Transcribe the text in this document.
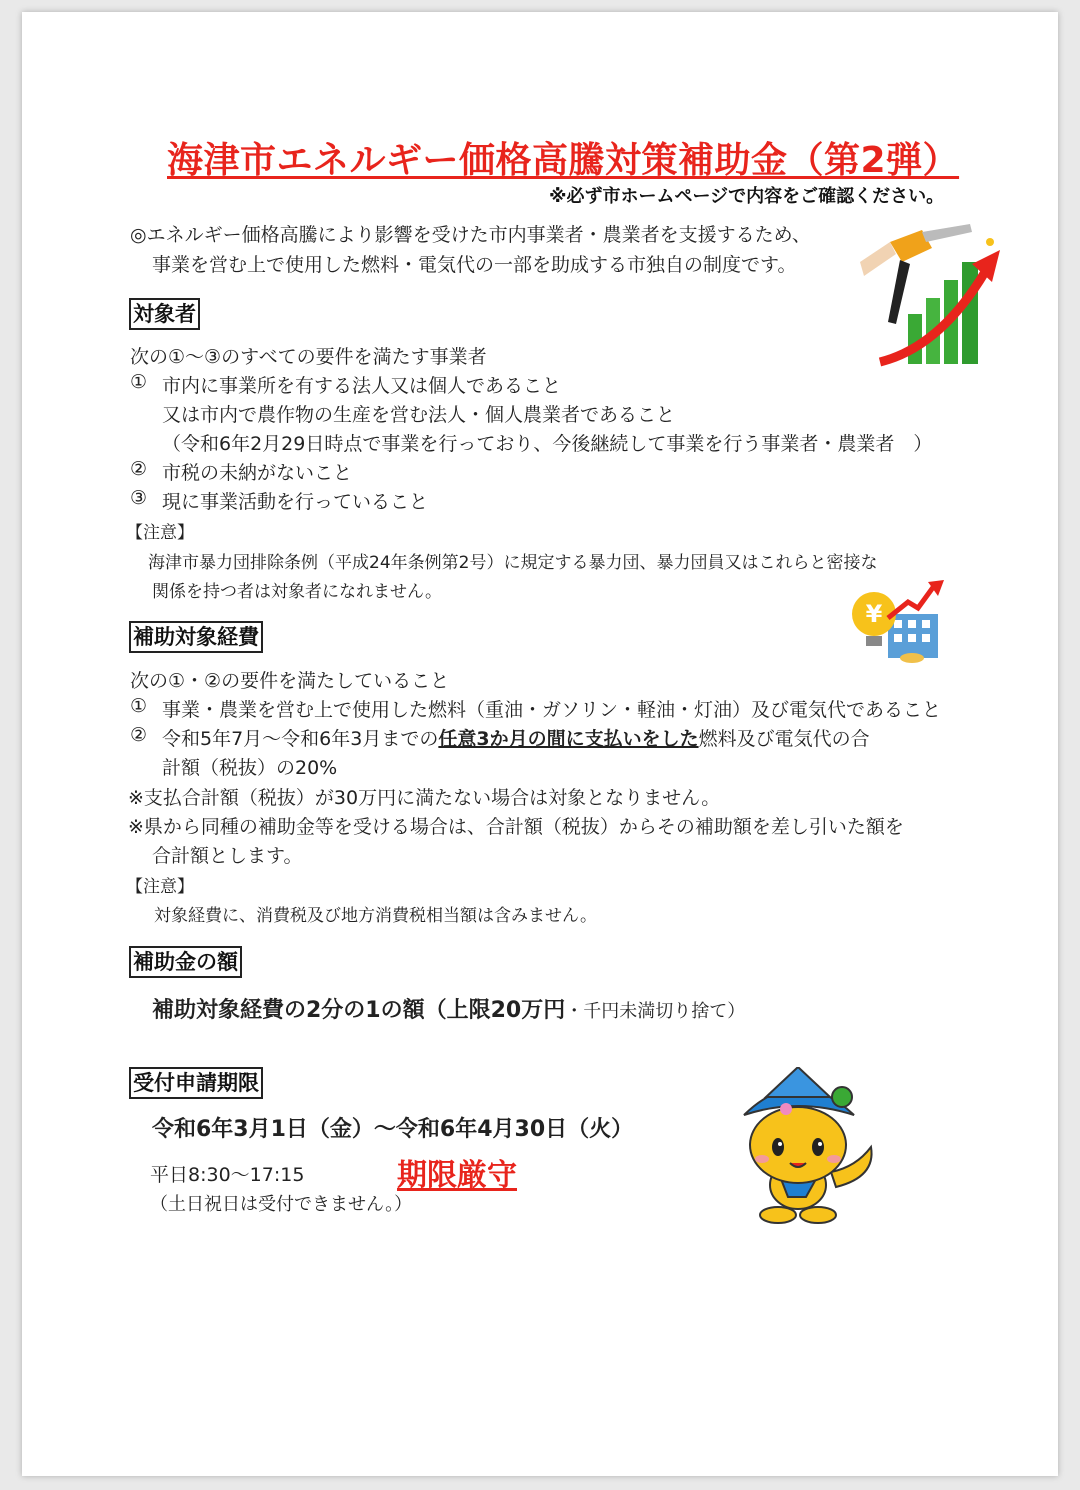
海津市エネルギー価格高騰対策補助金（第2弾）
※必ず市ホームページで内容をご確認ください。
◎エネルギー価格高騰により影響を受けた市内事業者・農業者を支援するため、
事業を営む上で使用した燃料・電気代の一部を助成する市独自の制度です。
対象者
次の①～③のすべての要件を満たす事業者
① 市内に事業所を有する法人又は個人であること
又は市内で農作物の生産を営む法人・個人農業者であること
（令和6年2月29日時点で事業を行っており、今後継続して事業を行う事業者・農業者　）
② 市税の未納がないこと
③ 現に事業活動を行っていること
【注意】
海津市暴力団排除条例（平成24年条例第2号）に規定する暴力団、暴力団員又はこれらと密接な
関係を持つ者は対象者になれません。
¥
補助対象経費
次の①・②の要件を満たしていること
① 事業・農業を営む上で使用した燃料（重油・ガソリン・軽油・灯油）及び電気代であること
② 令和5年7月～令和6年3月までの任意3か月の間に支払いをした燃料及び電気代の合
計額（税抜）の20%
※支払合計額（税抜）が30万円に満たない場合は対象となりません。
※県から同種の補助金等を受ける場合は、合計額（税抜）からその補助額を差し引いた額を
合計額とします。
【注意】
対象経費に、消費税及び地方消費税相当額は含みません。
補助金の額
補助対象経費の2分の1の額（上限20万円・千円未満切り捨て）
受付申請期限
令和6年3月1日（金）～令和6年4月30日（火）
平日8:30～17:15	期限厳守
（土日祝日は受付できません。）
